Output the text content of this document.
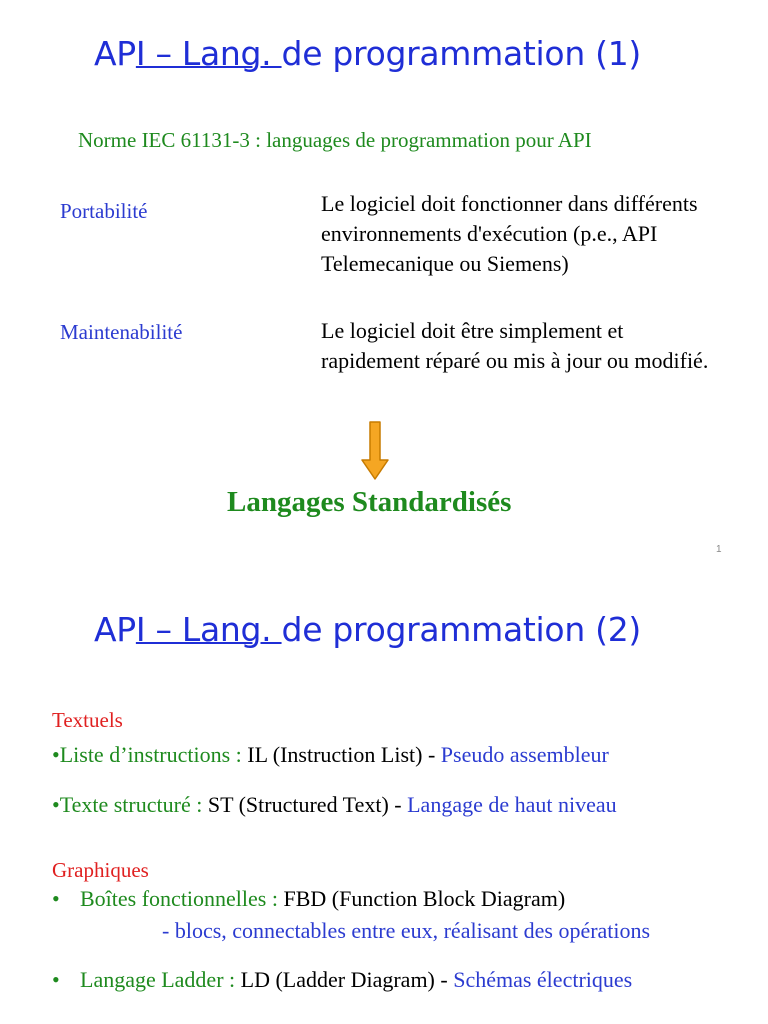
API – Lang. de programmation (1)

Norme IEC 61131-3 : languages de programmation pour API

Portabilité	Le logiciel doit fonctionner dans différents environnements d'exécution (p.e., API Telemecanique ou Siemens)

Maintenabilité	Le logiciel doit être simplement et rapidement réparé ou mis à jour ou modifié.

Langages Standardisés
1
API – Lang. de programmation (2)

Textuels

•Liste d’instructions : IL (Instruction List) - Pseudo assembleur

•Texte structuré : ST (Structured Text) - Langage de haut niveau

Graphiques

• Boîtes fonctionnelles : FBD (Function Block Diagram)

- blocs, connectables entre eux, réalisant des opérations

• Langage Ladder : LD (Ladder Diagram) - Schémas électriques
